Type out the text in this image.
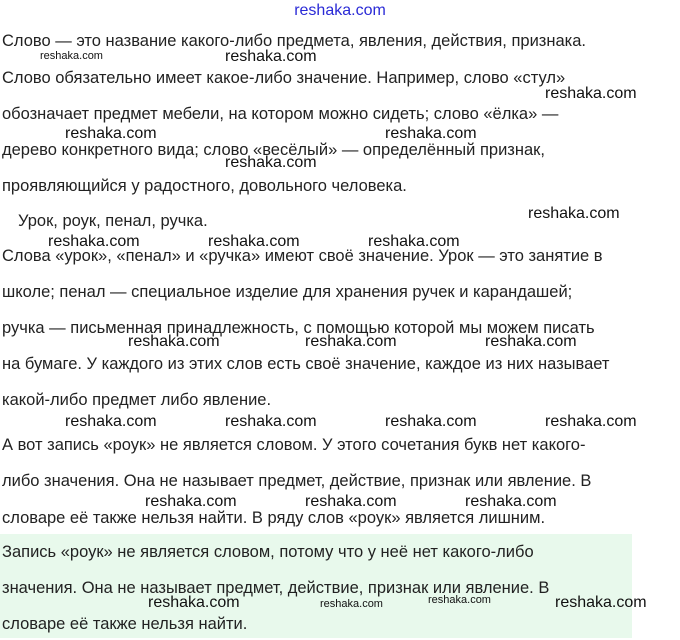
reshaka.com
Слово — это название какого-либо предмета, явления, действия, признака.
Слово обязательно имеет какое-либо значение. Например, слово «стул»
обозначает предмет мебели, на котором можно сидеть; слово «ёлка» —
дерево конкретного вида; слово «весёлый» — определённый признак,
проявляющийся у радостного, довольного человека.
Урок, роук, пенал, ручка.
Слова «урок», «пенал» и «ручка» имеют своё значение. Урок — это занятие в
школе; пенал — специальное изделие для хранения ручек и карандашей;
ручка — письменная принадлежность, с помощью которой мы можем писать
на бумаге. У каждого из этих слов есть своё значение, каждое из них называет
какой-либо предмет либо явление.
А вот запись «роук» не является словом. У этого сочетания букв нет какого-
либо значения. Она не называет предмет, действие, признак или явление. В
словаре её также нельзя найти. В ряду слов «роук» является лишним.
Запись «роук» не является словом, потому что у неё нет какого-либо
значения. Она не называет предмет, действие, признак или явление. В
словаре её также нельзя найти.
reshaka.com	reshaka.com
reshaka.com
reshaka.com	reshaka.com
reshaka.com
reshaka.com
reshaka.com	reshaka.com	reshaka.com
reshaka.com	reshaka.com	reshaka.com
reshaka.com	reshaka.com	reshaka.com	reshaka.com
reshaka.com	reshaka.com	reshaka.com
reshaka.com	reshaka.com	reshaka.com	reshaka.com
